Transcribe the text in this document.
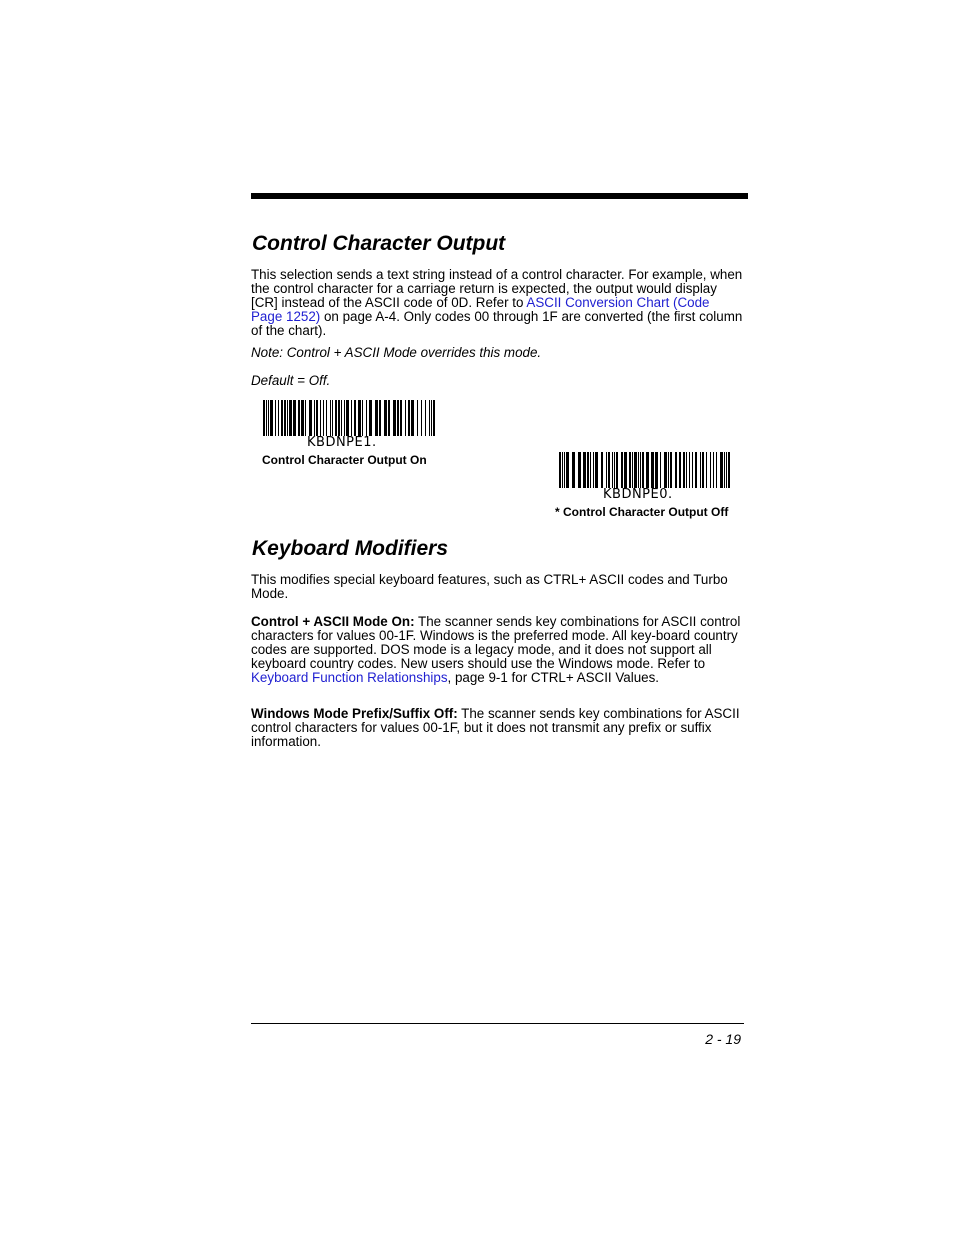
Control Character Output

This selection sends a text string instead of a control character. For example, when the control character for a carriage return is expected, the output would display [CR] instead of the ASCII code of 0D. Refer to ASCII Conversion Chart (Code Page 1252) on page A-4. Only codes 00 through 1F are converted (the first column of the chart).

Note: Control + ASCII Mode overrides this mode.

Default = Off.

KBDNPE1.

Control Character Output On

KBDNPE0.

* Control Character Output Off

Keyboard Modifiers

This modifies special keyboard features, such as CTRL+ ASCII codes and Turbo Mode.

Control + ASCII Mode On: The scanner sends key combinations for ASCII control characters for values 00-1F. Windows is the preferred mode. All key-board country codes are supported. DOS mode is a legacy mode, and it does not support all keyboard country codes. New users should use the Windows mode. Refer to Keyboard Function Relationships, page 9-1 for CTRL+ ASCII Values.

Windows Mode Prefix/Suffix Off: The scanner sends key combinations for ASCII control characters for values 00-1F, but it does not transmit any prefix or suffix information.

2 - 19
